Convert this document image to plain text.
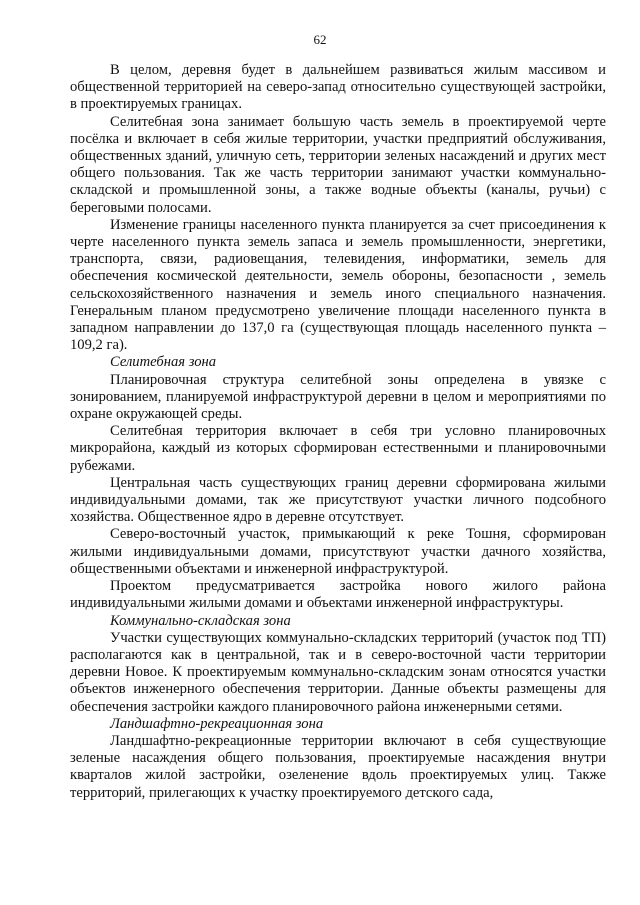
62

В целом, деревня будет в дальнейшем развиваться жилым массивом и общественной территорией на северо-запад относительно существующей застройки, в проектируемых границах.

Селитебная зона занимает большую часть земель в проектируемой черте посёлка и включает в себя жилые территории, участки предприятий обслуживания, общественных зданий, уличную сеть, территории зеленых насаждений и других мест общего пользования. Так же часть территории занимают участки коммунально-складской и промышленной зоны, а также водные объекты (каналы, ручьи) с береговыми полосами.

Изменение границы населенного пункта планируется за счет присоединения к черте населенного пункта земель запаса и земель промышленности, энергетики, транспорта, связи, радиовещания, телевидения, информатики, земель для обеспечения космической деятельности, земель обороны, безопасности , земель сельскохозяйственного назначения и земель иного специального назначения. Генеральным планом предусмотрено увеличение площади населенного пункта в западном направлении до 137,0 га (существующая площадь населенного пункта – 109,2 га).

Селитебная зона

Планировочная структура селитебной зоны определена в увязке с зонированием, планируемой инфраструктурой деревни в целом и мероприятиями по охране окружающей среды.

Селитебная территория включает в себя три условно планировочных микрорайона, каждый из которых сформирован естественными и планировочными рубежами.

Центральная часть существующих границ деревни сформирована жилыми индивидуальными домами, так же присутствуют участки личного подсобного хозяйства. Общественное ядро в деревне отсутствует.

Северо-восточный участок, примыкающий к реке Тошня, сформирован жилыми индивидуальными домами, присутствуют участки дачного хозяйства, общественными объектами и инженерной инфраструктурой.

Проектом предусматривается застройка нового жилого района индивидуальными жилыми домами и объектами инженерной инфраструктуры.

Коммунально-складская зона

Участки существующих коммунально-складских территорий (участок под ТП) располагаются как в центральной, так и в северо-восточной части территории деревни Новое. К проектируемым коммунально-складским зонам относятся участки объектов инженерного обеспечения территории. Данные объекты размещены для обеспечения застройки каждого планировочного района инженерными сетями.

Ландшафтно-рекреационная зона

Ландшафтно-рекреационные территории включают в себя существующие зеленые насаждения общего пользования, проектируемые насаждения внутри кварталов жилой застройки, озеленение вдоль проектируемых улиц. Также территорий, прилегающих к участку проектируемого детского сада,
